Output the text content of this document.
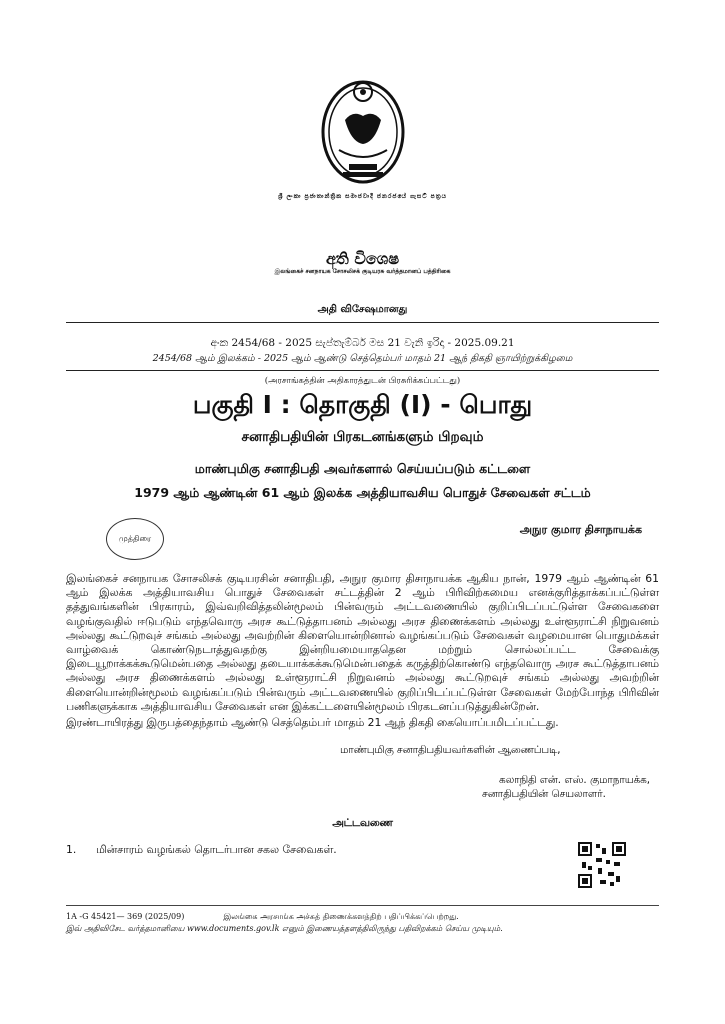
ශ්‍රී ලංකා ප්‍රජාතාන්ත්‍රික සමාජවාදී ජනරජයේ ගැසට් පත්‍රය
අති විශෙෂ
இலங்கைச் சனநாயக சோசலிசக் குடியரசு வர்த்தமானப் பத்திரிகை
அதி விசேஷமானது
අංක 2454/68 - 2025 සැප්තැම්බර් මස 21 වැනි ඉරිදා - 2025.09.21
2454/68 ஆம் இலக்கம் - 2025 ஆம் ஆண்டு செத்தெம்பர் மாதம் 21 ஆந் திகதி ஞாயிற்றுக்கிழமை
(அரசாங்கத்தின் அதிகாரத்துடன் பிரசுரிக்கப்பட்டது)
பகுதி I : தொகுதி (I) - பொது
சனாதிபதியின் பிரகடனங்களும் பிறவும்
மாண்புமிகு சனாதிபதி அவர்களால் செய்யப்படும் கட்டளை
1979 ஆம் ஆண்டின் 61 ஆம் இலக்க அத்தியாவசிய பொதுச் சேவைகள் சட்டம்
முத்திரை
அநுர குமார திசாநாயக்க
இலங்கைச் சனநாயக சோசலிசக் குடியரசின் சனாதிபதி, அநுர குமார திசாநாயக்க ஆகிய நான், 1979 ஆம் ஆண்டின் 61 ஆம் இலக்க அத்தியாவசிய பொதுச் சேவைகள் சட்டத்தின் 2 ஆம் பிரிவிற்கமைய எனக்குரித்தாக்கப்பட்டுள்ள தத்துவங்களின் பிரகாரம், இவ்வறிவித்தலின்மூலம் பின்வரும் அட்டவணையில் குறிப்பிடப்பட்டுள்ள சேவைகளை வழங்குவதில் ஈடுபடும் எந்தவொரு அரச கூட்டுத்தாபனம் அல்லது அரச திணைக்களம் அல்லது உள்ளூராட்சி நிறுவனம் அல்லது கூட்டுறவுச் சங்கம் அல்லது அவற்றின் கிளையொன்றினால் வழங்கப்படும் சேவைகள் வழமையான பொதுமக்கள் வாழ்வைக் கொண்டுநடாத்துவதற்கு இன்றியமையாததென மற்றும் சொல்லப்பட்ட சேவைக்கு இடையூறாக்கக்கூடுமென்பதை அல்லது தடையாக்கக்கூடுமென்பதைக் கருத்திற்கொண்டு எந்தவொரு அரச கூட்டுத்தாபனம் அல்லது அரச திணைக்களம் அல்லது உள்ளூராட்சி நிறுவனம் அல்லது கூட்டுறவுச் சங்கம் அல்லது அவற்றின் கிளையொன்றின்மூலம் வழங்கப்படும் பின்வரும் அட்டவணையில் குறிப்பிடப்பட்டுள்ள சேவைகள் மேற்போந்த பிரிவின் பணிகளுக்காக அத்தியாவசிய சேவைகள் என இக்கட்டளையின்மூலம் பிரகடனப்படுத்துகின்றேன்.
இரண்டாயிரத்து இருபத்தைந்தாம் ஆண்டு செத்தெம்பர் மாதம் 21 ஆந் திகதி கையொப்பமிடப்பட்டது.
மாண்புமிகு சனாதிபதியவர்களின் ஆணைப்படி,
கலாநிதி என். எஸ். குமாநாயக்க,
சனாதிபதியின் செயலாளர்.
அட்டவணை
1. மின்சாரம் வழங்கல் தொடர்பான சகல சேவைகள்.
1A -G 45421— 369 (2025/09)	இலங்கை அரசாங்க அச்சுத் திணைக்களத்திற் பதிப்பிக்கப்பெற்றது.
இவ் அதிவிசேட வர்த்தமானியை www.documents.gov.lk எனும் இணையத்தளத்திலிருந்து பதிவிறக்கம் செய்ய முடியும்.
